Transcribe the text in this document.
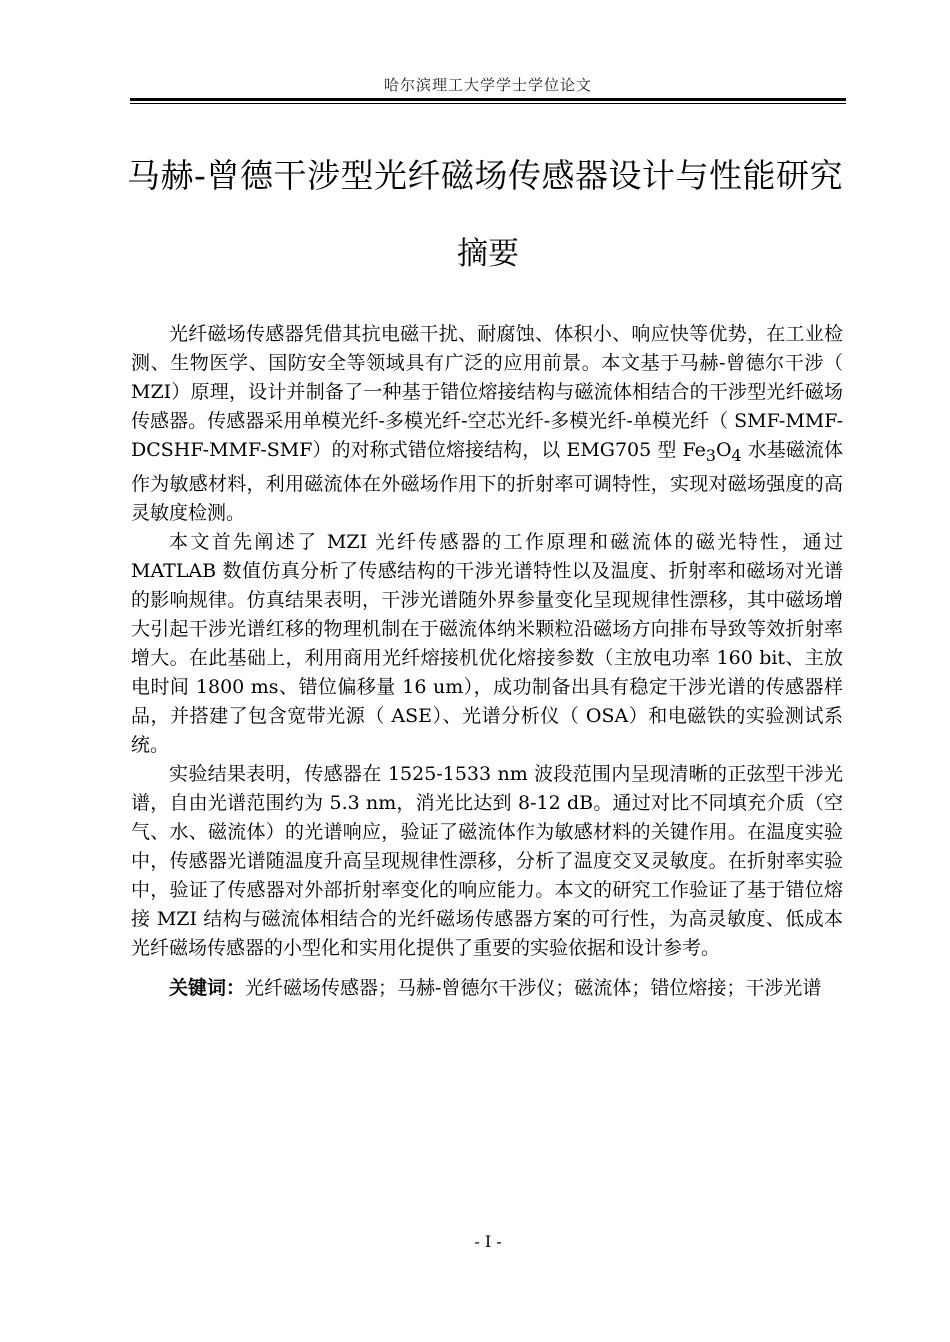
哈尔滨理工大学学士学位论文
马赫-曾德干涉型光纤磁场传感器设计与性能研究
摘要

光纤磁场传感器凭借其抗电磁干扰、耐腐蚀、体积小、响应快等优势，在工业检测、生物医学、国防安全等领域具有广泛的应用前景。本文基于马赫-曾德尔干涉（ MZI）原理，设计并制备了一种基于错位熔接结构与磁流体相结合的干涉型光纤磁场传感器。传感器采用单模光纤-多模光纤-空芯光纤-多模光纤-单模光纤（ SMF-MMF-DCSHF-MMF-SMF）的对称式错位熔接结构，以 EMG705 型 $Fe_3O_4$ 水基磁流体作为敏感材料，利用磁流体在外磁场作用下的折射率可调特性，实现对磁场强度的高灵敏度检测。

本文首先阐述了 MZI 光纤传感器的工作原理和磁流体的磁光特性，通过 MATLAB 数值仿真分析了传感结构的干涉光谱特性以及温度、折射率和磁场对光谱的影响规律。仿真结果表明，干涉光谱随外界参量变化呈现规律性漂移，其中磁场增大引起干涉光谱红移的物理机制在于磁流体纳米颗粒沿磁场方向排布导致等效折射率增大。在此基础上，利用商用光纤熔接机优化熔接参数（主放电功率 160 bit、主放电时间 1800 ms、错位偏移量 16 um），成功制备出具有稳定干涉光谱的传感器样品，并搭建了包含宽带光源（ ASE）、光谱分析仪（ OSA）和电磁铁的实验测试系统。

实验结果表明，传感器在 1525-1533 nm 波段范围内呈现清晰的正弦型干涉光谱，自由光谱范围约为 5.3 nm，消光比达到 8-12 dB。通过对比不同填充介质（空气、水、磁流体）的光谱响应，验证了磁流体作为敏感材料的关键作用。在温度实验中，传感器光谱随温度升高呈现规律性漂移，分析了温度交叉灵敏度。在折射率实验中，验证了传感器对外部折射率变化的响应能力。本文的研究工作验证了基于错位熔接 MZI 结构与磁流体相结合的光纤磁场传感器方案的可行性，为高灵敏度、低成本光纤磁场传感器的小型化和实用化提供了重要的实验依据和设计参考。

关键词：光纤磁场传感器；马赫-曾德尔干涉仪；磁流体；错位熔接；干涉光谱

- I -
